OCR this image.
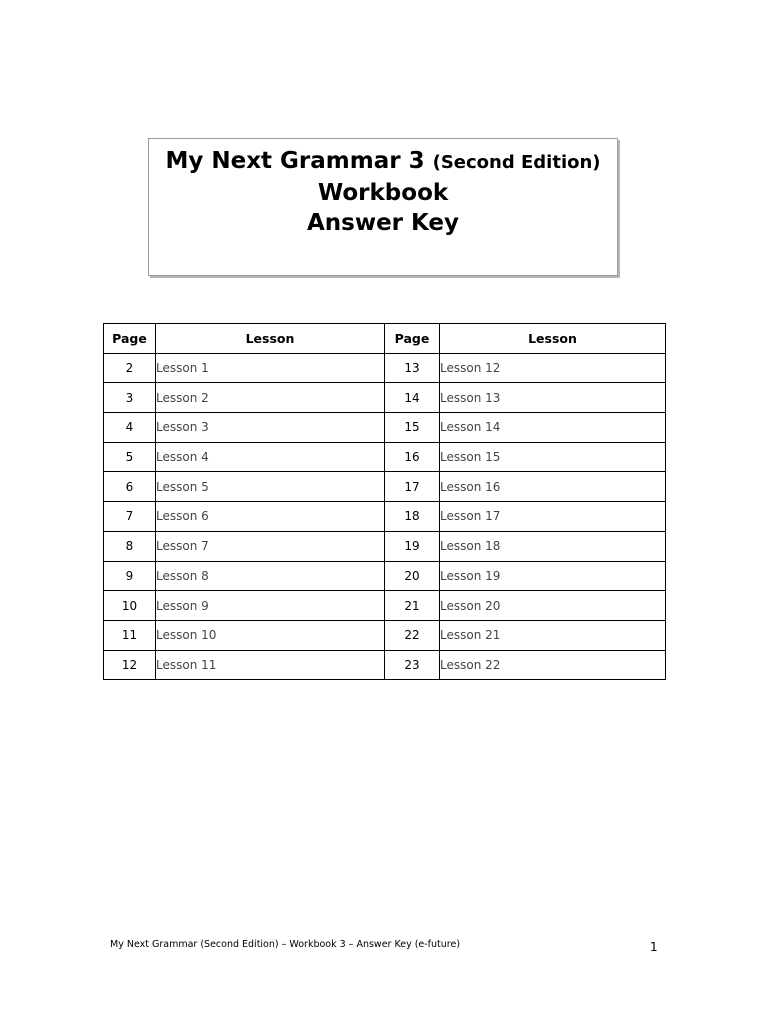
My Next Grammar 3 (Second Edition)
Workbook
Answer Key
Page	Lesson	Page	Lesson
2	Lesson 1	13	Lesson 12
3	Lesson 2	14	Lesson 13
4	Lesson 3	15	Lesson 14
5	Lesson 4	16	Lesson 15
6	Lesson 5	17	Lesson 16
7	Lesson 6	18	Lesson 17
8	Lesson 7	19	Lesson 18
9	Lesson 8	20	Lesson 19
10	Lesson 9	21	Lesson 20
11	Lesson 10	22	Lesson 21
12	Lesson 11	23	Lesson 22
My Next Grammar (Second Edition) – Workbook 3 – Answer Key (e-future)	1
